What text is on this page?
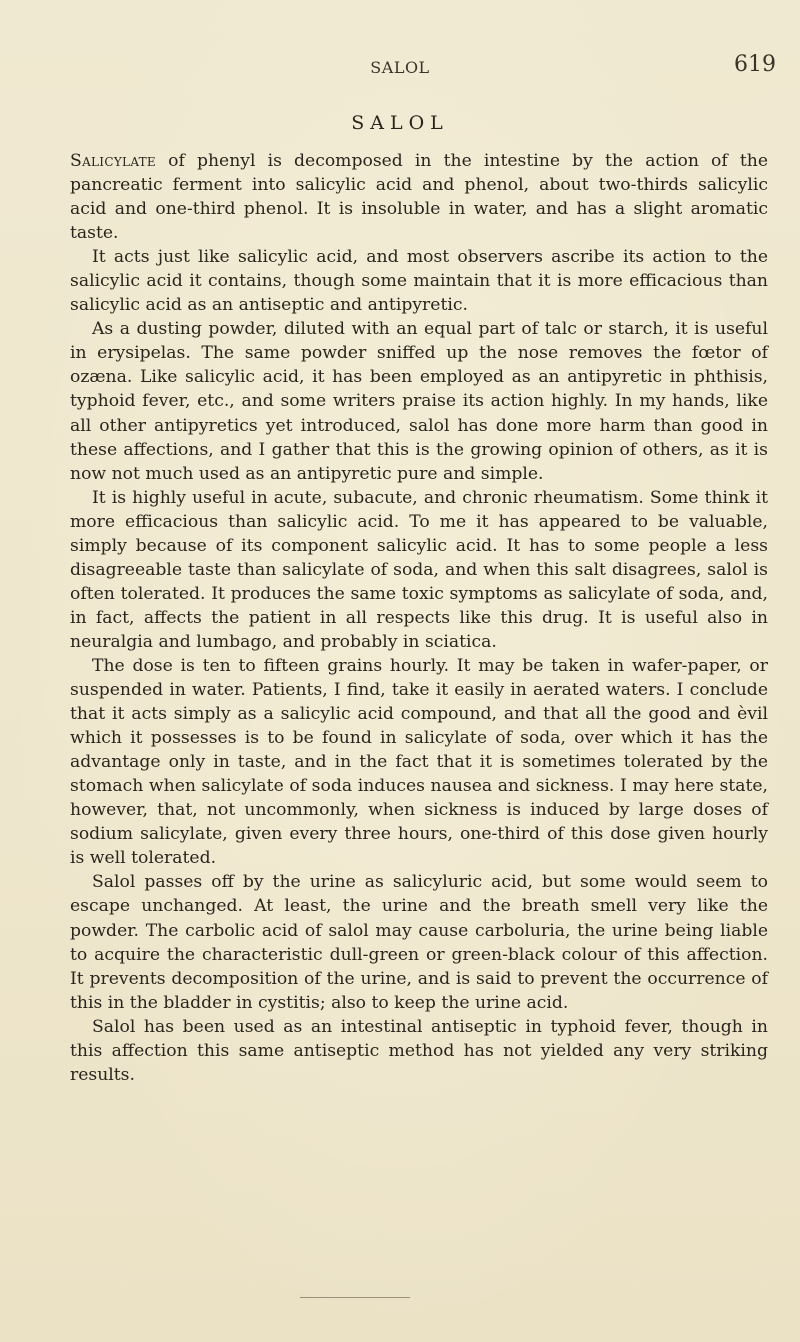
SALOL	619
SALOL

Salicylate of phenyl is decomposed in the intestine by the action of the pancreatic ferment into salicylic acid and phenol, about two-thirds salicylic acid and one-third phenol. It is insoluble in water, and has a slight aromatic taste.

It acts just like salicylic acid, and most observers ascribe its action to the salicylic acid it contains, though some maintain that it is more efficacious than salicylic acid as an antiseptic and antipyretic.

As a dusting powder, diluted with an equal part of talc or starch, it is useful in erysipelas. The same powder sniffed up the nose removes the fœtor of ozæna. Like salicylic acid, it has been employed as an antipyretic in phthisis, typhoid fever, etc., and some writers praise its action highly. In my hands, like all other antipyretics yet introduced, salol has done more harm than good in these affections, and I gather that this is the growing opinion of others, as it is now not much used as an antipyretic pure and simple.

It is highly useful in acute, subacute, and chronic rheumatism. Some think it more efficacious than salicylic acid. To me it has appeared to be valuable, simply because of its component salicylic acid. It has to some people a less disagreeable taste than salicylate of soda, and when this salt disagrees, salol is often tolerated. It produces the same toxic symptoms as salicylate of soda, and, in fact, affects the patient in all respects like this drug. It is useful also in neuralgia and lumbago, and probably in sciatica.

The dose is ten to fifteen grains hourly. It may be taken in wafer-paper, or suspended in water. Patients, I find, take it easily in aerated waters. I conclude that it acts simply as a salicylic acid compound, and that all the good and èvil which it possesses is to be found in salicylate of soda, over which it has the advantage only in taste, and in the fact that it is sometimes tolerated by the stomach when salicylate of soda induces nausea and sickness. I may here state, however, that, not uncommonly, when sickness is induced by large doses of sodium salicylate, given every three hours, one-third of this dose given hourly is well tolerated.

Salol passes off by the urine as salicyluric acid, but some would seem to escape unchanged. At least, the urine and the breath smell very like the powder. The carbolic acid of salol may cause carboluria, the urine being liable to acquire the characteristic dull-green or green-black colour of this affection. It prevents decomposition of the urine, and is said to prevent the occurrence of this in the bladder in cystitis; also to keep the urine acid.

Salol has been used as an intestinal antiseptic in typhoid fever, though in this affection this same antiseptic method has not yielded any very striking results.
